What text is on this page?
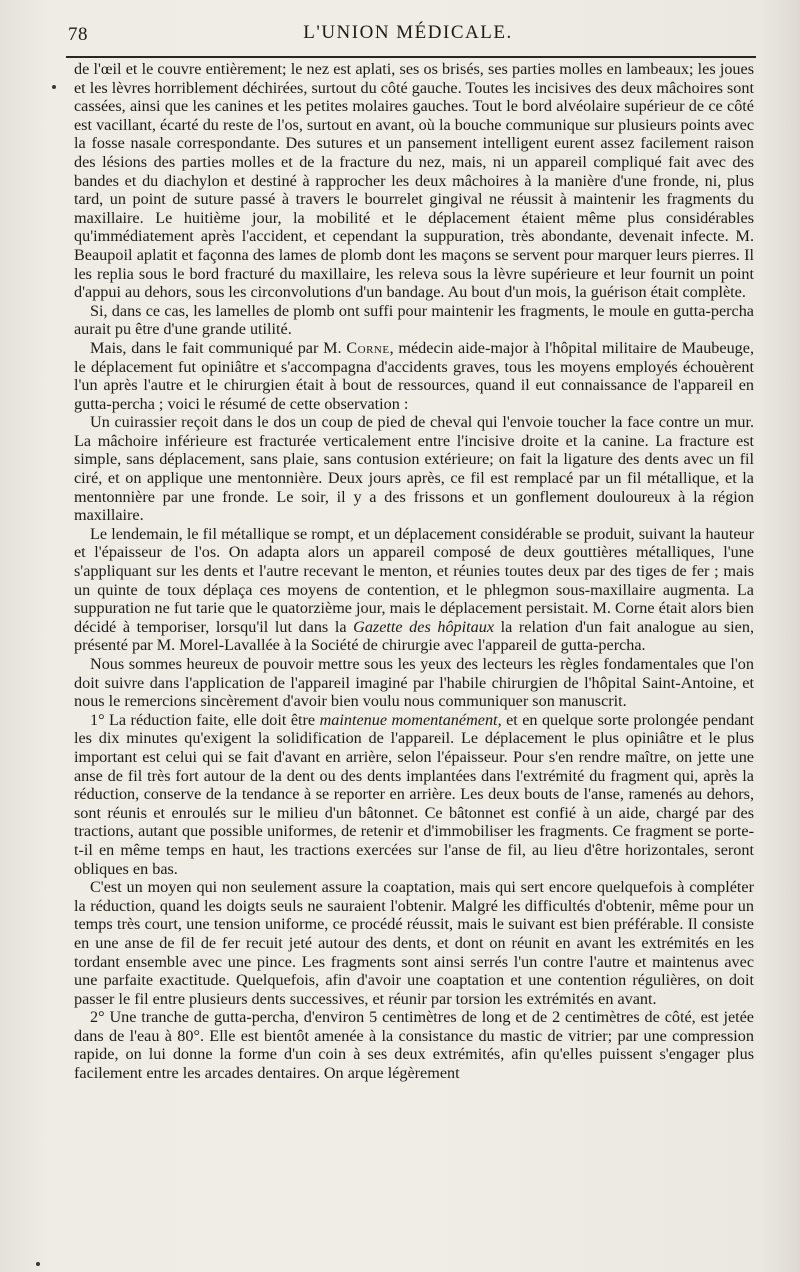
78	L'UNION MÉDICALE.

de l'œil et le couvre entièrement; le nez est aplati, ses os brisés, ses parties molles en lambeaux; les joues et les lèvres horriblement déchirées, surtout du côté gauche. Toutes les incisives des deux mâchoires sont cassées, ainsi que les canines et les petites molaires gauches. Tout le bord alvéolaire supérieur de ce côté est vacillant, écarté du reste de l'os, surtout en avant, où la bouche communique sur plusieurs points avec la fosse nasale correspondante. Des sutures et un pansement intelligent eurent assez facilement raison des lésions des parties molles et de la fracture du nez, mais, ni un appareil compliqué fait avec des bandes et du diachylon et destiné à rapprocher les deux mâchoires à la manière d'une fronde, ni, plus tard, un point de suture passé à travers le bourrelet gingival ne réussit à maintenir les fragments du maxillaire. Le huitième jour, la mobilité et le déplacement étaient même plus considérables qu'immédiatement après l'accident, et cependant la suppuration, très abondante, devenait infecte. M. Beaupoil aplatit et façonna des lames de plomb dont les maçons se servent pour marquer leurs pierres. Il les replia sous le bord fracturé du maxillaire, les releva sous la lèvre supérieure et leur fournit un point d'appui au dehors, sous les circonvolutions d'un bandage. Au bout d'un mois, la guérison était complète.

Si, dans ce cas, les lamelles de plomb ont suffi pour maintenir les fragments, le moule en gutta-percha aurait pu être d'une grande utilité.

Mais, dans le fait communiqué par M. Corne, médecin aide-major à l'hôpital militaire de Maubeuge, le déplacement fut opiniâtre et s'accompagna d'accidents graves, tous les moyens employés échouèrent l'un après l'autre et le chirurgien était à bout de ressources, quand il eut connaissance de l'appareil en gutta-percha ; voici le résumé de cette observation :

Un cuirassier reçoit dans le dos un coup de pied de cheval qui l'envoie toucher la face contre un mur. La mâchoire inférieure est fracturée verticalement entre l'incisive droite et la canine. La fracture est simple, sans déplacement, sans plaie, sans contusion extérieure; on fait la ligature des dents avec un fil ciré, et on applique une mentonnière. Deux jours après, ce fil est remplacé par un fil métallique, et la mentonnière par une fronde. Le soir, il y a des frissons et un gonflement douloureux à la région maxillaire.

Le lendemain, le fil métallique se rompt, et un déplacement considérable se produit, suivant la hauteur et l'épaisseur de l'os. On adapta alors un appareil composé de deux gouttières métalliques, l'une s'appliquant sur les dents et l'autre recevant le menton, et réunies toutes deux par des tiges de fer ; mais un quinte de toux déplaça ces moyens de contention, et le phlegmon sous-maxillaire augmenta. La suppuration ne fut tarie que le quatorzième jour, mais le déplacement persistait. M. Corne était alors bien décidé à temporiser, lorsqu'il lut dans la Gazette des hôpitaux la relation d'un fait analogue au sien, présenté par M. Morel-Lavallée à la Société de chirurgie avec l'appareil de gutta-percha.

Nous sommes heureux de pouvoir mettre sous les yeux des lecteurs les règles fondamentales que l'on doit suivre dans l'application de l'appareil imaginé par l'habile chirurgien de l'hôpital Saint-Antoine, et nous le remercions sincèrement d'avoir bien voulu nous communiquer son manuscrit.

1° La réduction faite, elle doit être maintenue momentanément, et en quelque sorte prolongée pendant les dix minutes qu'exigent la solidification de l'appareil. Le déplacement le plus opiniâtre et le plus important est celui qui se fait d'avant en arrière, selon l'épaisseur. Pour s'en rendre maître, on jette une anse de fil très fort autour de la dent ou des dents implantées dans l'extrémité du fragment qui, après la réduction, conserve de la tendance à se reporter en arrière. Les deux bouts de l'anse, ramenés au dehors, sont réunis et enroulés sur le milieu d'un bâtonnet. Ce bâtonnet est confié à un aide, chargé par des tractions, autant que possible uniformes, de retenir et d'immobiliser les fragments. Ce fragment se porte-t-il en même temps en haut, les tractions exercées sur l'anse de fil, au lieu d'être horizontales, seront obliques en bas.

C'est un moyen qui non seulement assure la coaptation, mais qui sert encore quelquefois à compléter la réduction, quand les doigts seuls ne sauraient l'obtenir. Malgré les difficultés d'obtenir, même pour un temps très court, une tension uniforme, ce procédé réussit, mais le suivant est bien préférable. Il consiste en une anse de fil de fer recuit jeté autour des dents, et dont on réunit en avant les extrémités en les tordant ensemble avec une pince. Les fragments sont ainsi serrés l'un contre l'autre et maintenus avec une parfaite exactitude. Quelquefois, afin d'avoir une coaptation et une contention régulières, on doit passer le fil entre plusieurs dents successives, et réunir par torsion les extrémités en avant.

2° Une tranche de gutta-percha, d'environ 5 centimètres de long et de 2 centimètres de côté, est jetée dans de l'eau à 80°. Elle est bientôt amenée à la consistance du mastic de vitrier; par une compression rapide, on lui donne la forme d'un coin à ses deux extrémités, afin qu'elles puissent s'engager plus facilement entre les arcades dentaires. On arque légèrement
